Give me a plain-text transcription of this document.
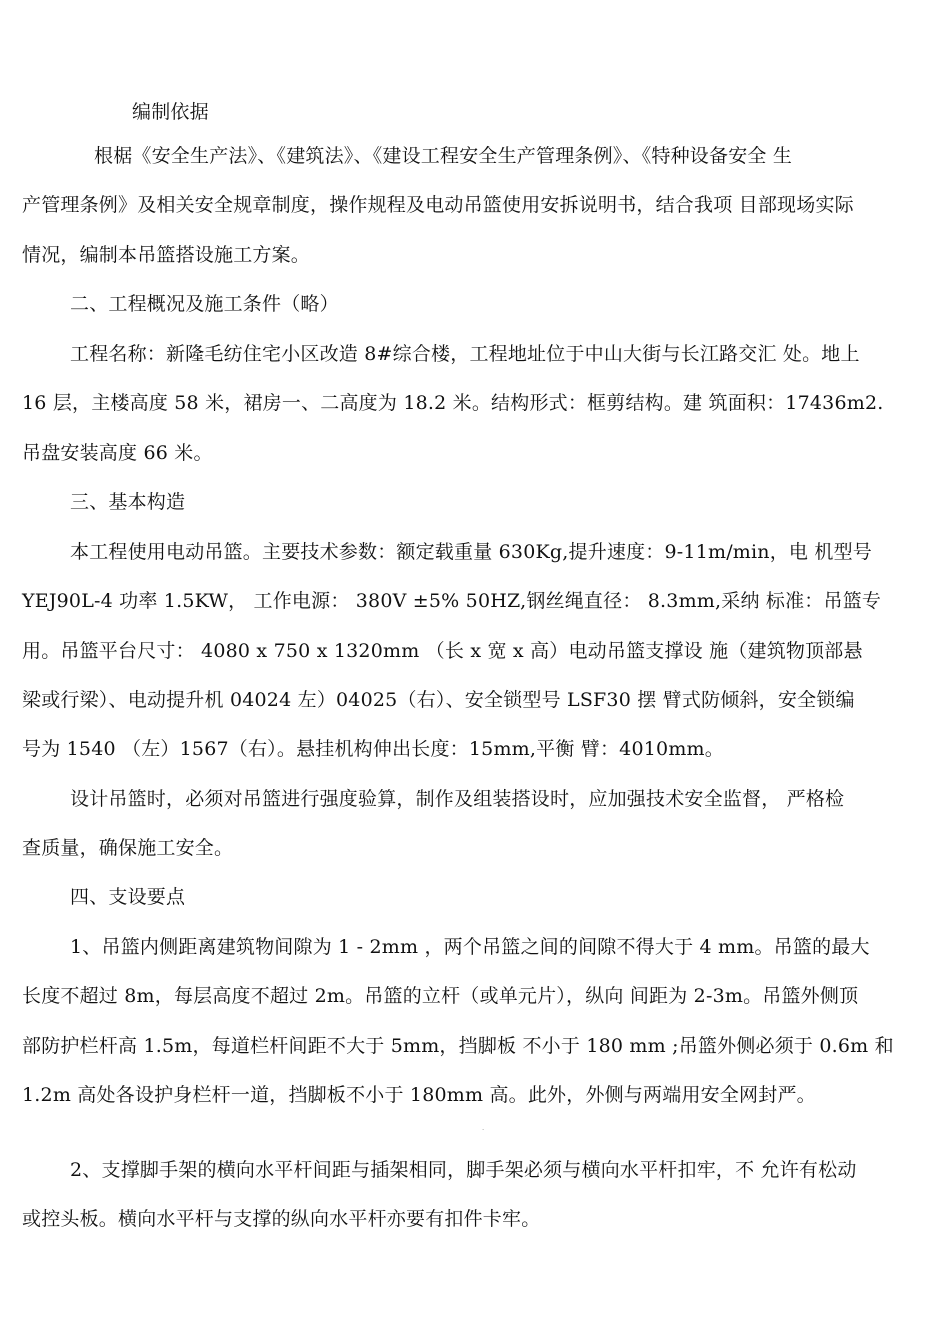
编制依据
根椐《安全生产法》、《建筑法》、《建设工程安全生产管理条例》、《特种设备安全 生
产管理条例》及相关安全规章制度，操作规程及电动吊篮使用安拆说明书，结合我项 目部现场实际
情况，编制本吊篮搭设施工方案。
二、工程概况及施工条件（略）
工程名称：新隆毛纺住宅小区改造 8#综合楼，工程地址位于中山大街与长江路交汇 处。地上
16 层，主楼高度 58 米，裙房一、二高度为 18.2 米。结构形式：框剪结构。建 筑面积：17436m2.
吊盘安装高度 66 米。
三、基本构造
本工程使用电动吊篮。主要技术参数：额定载重量 630Kg,提升速度：9-11m/min，电 机型号
YEJ90L-4 功率 1.5KW， 工作电源： 380V ±5% 50HZ,钢丝绳直径： 8.3mm,采纳 标准：吊篮专
用。吊篮平台尺寸： 4080 x 750 x 1320mm （长 x 宽 x 高）电动吊篮支撑设 施（建筑物顶部悬
梁或行梁）、电动提升机 04024 左）04025（右）、安全锁型号 LSF30 摆 臂式防倾斜，安全锁编
号为 1540 （左）1567（右）。悬挂机构伸出长度：15mm,平衡 臂：4010mm。
设计吊篮时，必须对吊篮进行强度验算，制作及组装搭设时，应加强技术安全监督， 严格检
查质量，确保施工安全。
四、支设要点
1、吊篮内侧距离建筑物间隙为 1 - 2mm ，两个吊篮之间的间隙不得大于 4 mm。吊篮的最大
长度不超过 8m，每层高度不超过 2m。吊篮的立杆（或单元片），纵向 间距为 2-3m。吊篮外侧顶
部防护栏杆高 1.5m，每道栏杆间距不大于 5mm，挡脚板 不小于 180 mm ;吊篮外侧必须于 0.6m 和
1.2m 高处各设护身栏杆一道，挡脚板不小于 180mm 高。此外，外侧与两端用安全网封严。
·
2、支撑脚手架的横向水平杆间距与插架相同，脚手架必须与横向水平杆扣牢，不 允许有松动
或控头板。横向水平杆与支撑的纵向水平杆亦要有扣件卡牢。
